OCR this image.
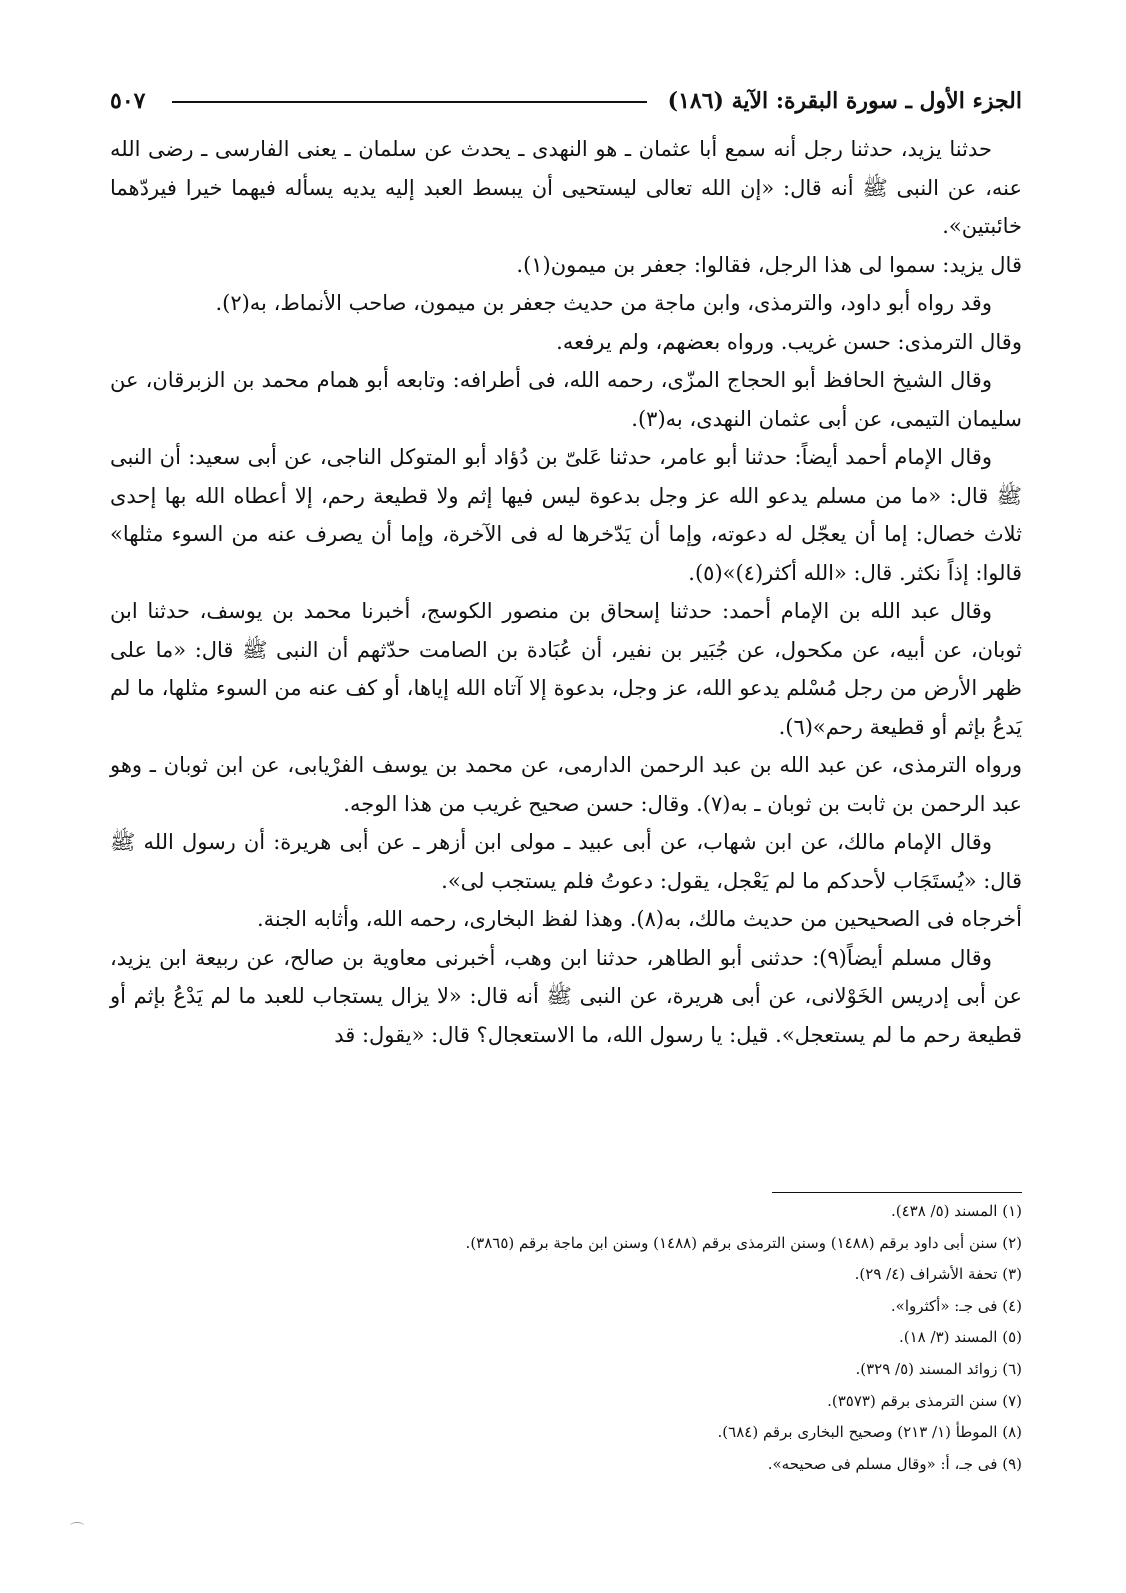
الجزء الأول ـ سورة البقرة: الآية (١٨٦)
٥٠٧

حدثنا يزيد، حدثنا رجل أنه سمع أبا عثمان ـ هو النهدى ـ يحدث عن سلمان ـ يعنى الفارسى ـ رضى الله عنه، عن النبى ﷺ أنه قال: «إن الله تعالى ليستحيى أن يبسط العبد إليه يديه يسأله فيهما خيرا فيردّهما خائبتين».

قال يزيد: سموا لى هذا الرجل، فقالوا: جعفر بن ميمون(١).

وقد رواه أبو داود، والترمذى، وابن ماجة من حديث جعفر بن ميمون، صاحب الأنماط، به(٢).

وقال الترمذى: حسن غريب. ورواه بعضهم، ولم يرفعه.

وقال الشيخ الحافظ أبو الحجاج المزّى، رحمه الله، فى أطرافه: وتابعه أبو همام محمد بن الزبرقان، عن سليمان التيمى، عن أبى عثمان النهدى، به(٣).

وقال الإمام أحمد أيضاً: حدثنا أبو عامر، حدثنا عَلىّ بن دُؤاد أبو المتوكل الناجى، عن أبى سعيد: أن النبى ﷺ قال: «ما من مسلم يدعو الله عز وجل بدعوة ليس فيها إثم ولا قطيعة رحم، إلا أعطاه الله بها إحدى ثلاث خصال: إما أن يعجّل له دعوته، وإما أن يَدّخرها له فى الآخرة، وإما أن يصرف عنه من السوء مثلها» قالوا: إذاً نكثر. قال: «الله أكثر(٤)»(٥).

وقال عبد الله بن الإمام أحمد: حدثنا إسحاق بن منصور الكوسج، أخبرنا محمد بن يوسف، حدثنا ابن ثوبان، عن أبيه، عن مكحول، عن جُبَير بن نفير، أن عُبَادة بن الصامت حدّثهم أن النبى ﷺ قال: «ما على ظهر الأرض من رجل مُسْلم يدعو الله، عز وجل، بدعوة إلا آتاه الله إياها، أو كف عنه من السوء مثلها، ما لم يَدعُ بإثم أو قطيعة رحم»(٦).

ورواه الترمذى، عن عبد الله بن عبد الرحمن الدارمى، عن محمد بن يوسف الفرْيابى، عن ابن ثوبان ـ وهو عبد الرحمن بن ثابت بن ثوبان ـ به(٧). وقال: حسن صحيح غريب من هذا الوجه.

وقال الإمام مالك، عن ابن شهاب، عن أبى عبيد ـ مولى ابن أزهر ـ عن أبى هريرة: أن رسول الله ﷺ قال: «يُستَجَاب لأحدكم ما لم يَعْجل، يقول: دعوتُ فلم يستجب لى».

أخرجاه فى الصحيحين من حديث مالك، به(٨). وهذا لفظ البخارى، رحمه الله، وأثابه الجنة.

وقال مسلم أيضاً(٩): حدثنى أبو الطاهر، حدثنا ابن وهب، أخبرنى معاوية بن صالح، عن ربيعة ابن يزيد، عن أبى إدريس الخَوْلانى، عن أبى هريرة، عن النبى ﷺ أنه قال: «لا يزال يستجاب للعبد ما لم يَدْعُ بإثم أو قطيعة رحم ما لم يستعجل». قيل: يا رسول الله، ما الاستعجال؟ قال: «يقول: قد

(١) المسند (٥/ ٤٣٨).
(٢) سنن أبى داود برقم (١٤٨٨) وسنن الترمذى برقم (١٤٨٨) وسنن ابن ماجة برقم (٣٨٦٥).
(٣) تحفة الأشراف (٤/ ٢٩).
(٤) فى جـ: «أكثروا».
(٥) المسند (٣/ ١٨).
(٦) زوائد المسند (٥/ ٣٢٩).
(٧) سنن الترمذى برقم (٣٥٧٣).
(٨) الموطأ (١/ ٢١٣) وصحيح البخارى برقم (٦٨٤).
(٩) فى جـ، أ: «وقال مسلم فى صحيحه».
